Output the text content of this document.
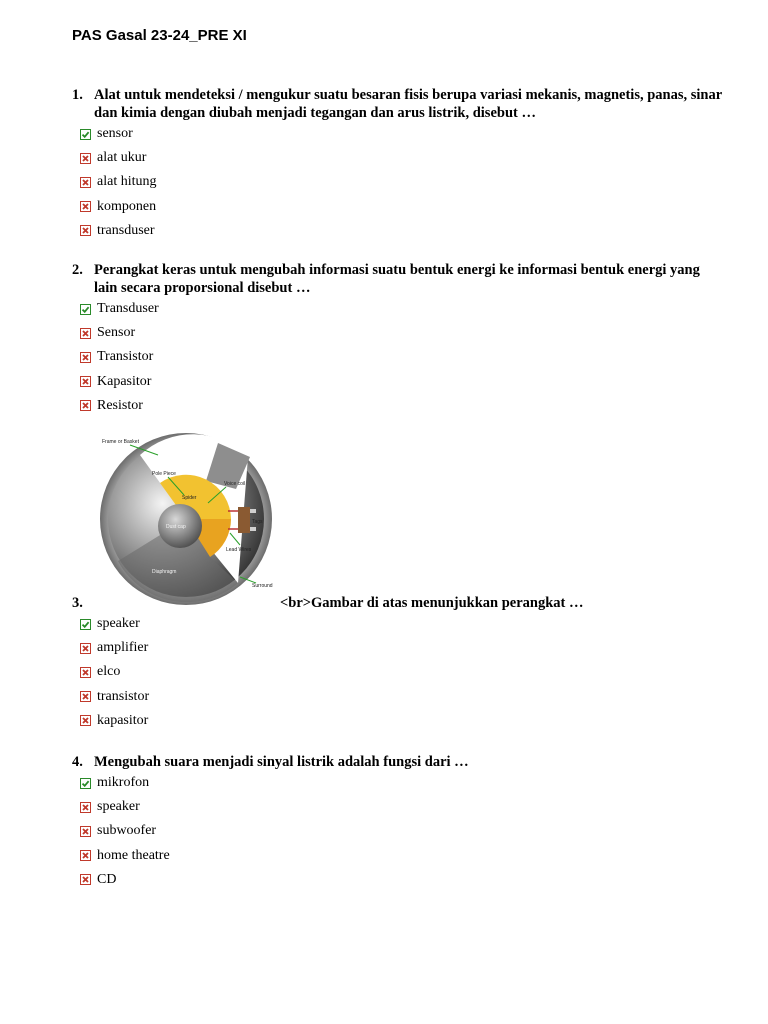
PAS Gasal 23-24_PRE XI
1. Alat untuk mendeteksi / mengukur suatu besaran fisis berupa variasi mekanis, magnetis, panas, sinar dan kimia dengan diubah menjadi tegangan dan arus listrik, disebut …
sensor
alat ukur
alat hitung
komponen
transduser
2. Perangkat keras untuk mengubah informasi suatu bentuk energi ke informasi bentuk energi yang lain secara proporsional disebut …
Transduser
Sensor
Transistor
Kapasitor
Resistor
Frame or Basket
Pole Piece
Voice coil
Spider
Dust cap
Tags
Lead Wires
Diaphragm
Surround
3.	<br>Gambar di atas menunjukkan perangkat …
speaker
amplifier
elco
transistor
kapasitor
4. Mengubah suara menjadi sinyal listrik adalah fungsi dari …
mikrofon
speaker
subwoofer
home theatre
CD
